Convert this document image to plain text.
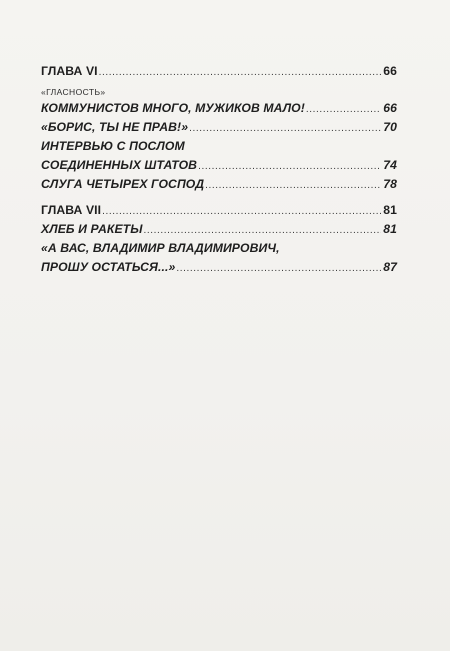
ГЛАВА VI .....	66
«ГЛАСНОСТЬ»
КОММУНИСТОВ МНОГО, МУЖИКОВ МАЛО! .....	66
«БОРИС, ТЫ НЕ ПРАВ!» .....	70
ИНТЕРВЬЮ С ПОСЛОМ
СОЕДИНЕННЫХ ШТАТОВ .....	74
СЛУГА ЧЕТЫРЕХ ГОСПОД .....	78
ГЛАВА VII .....	81
ХЛЕБ И РАКЕТЫ .....	81
«А ВАС, ВЛАДИМИР ВЛАДИМИРОВИЧ,
ПРОШУ ОСТАТЬСЯ...» .....	87
